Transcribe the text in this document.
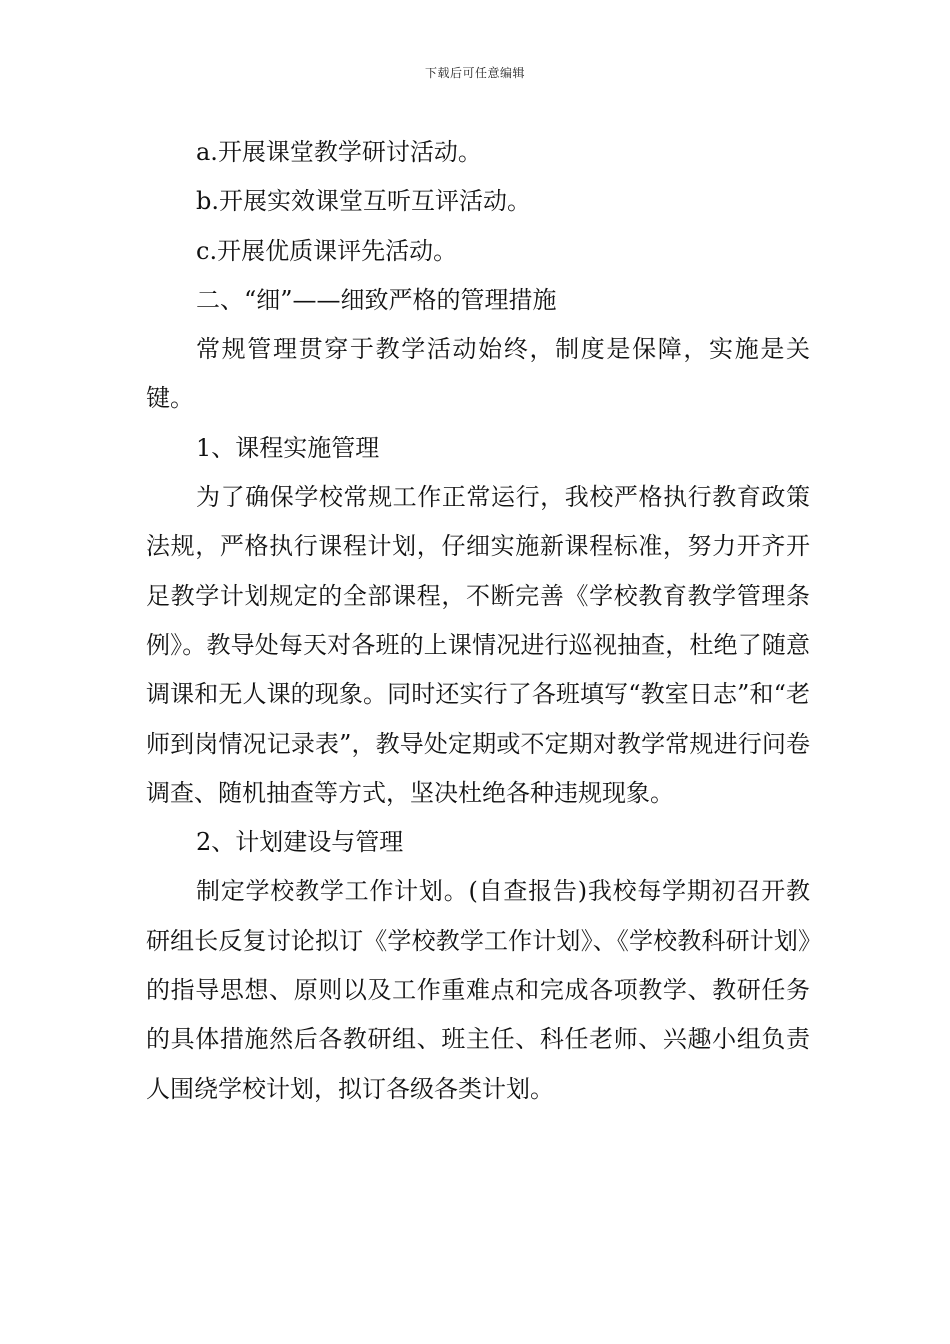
下载后可任意编辑

a.开展课堂教学研讨活动。

b.开展实效课堂互听互评活动。

c.开展优质课评先活动。

二、“细”——细致严格的管理措施

常规管理贯穿于教学活动始终，制度是保障，实施是关键。

1、课程实施管理

为了确保学校常规工作正常运行，我校严格执行教育政策法规，严格执行课程计划，仔细实施新课程标准，努力开齐开足教学计划规定的全部课程，不断完善《学校教育教学管理条例》。教导处每天对各班的上课情况进行巡视抽查，杜绝了随意调课和无人课的现象。同时还实行了各班填写“教室日志”和“老师到岗情况记录表”，教导处定期或不定期对教学常规进行问卷调查、随机抽查等方式，坚决杜绝各种违规现象。

2、计划建设与管理

制定学校教学工作计划。(自查报告)我校每学期初召开教研组长反复讨论拟订《学校教学工作计划》、《学校教科研计划》的指导思想、原则以及工作重难点和完成各项教学、教研任务的具体措施然后各教研组、班主任、科任老师、兴趣小组负责人围绕学校计划，拟订各级各类计划。
